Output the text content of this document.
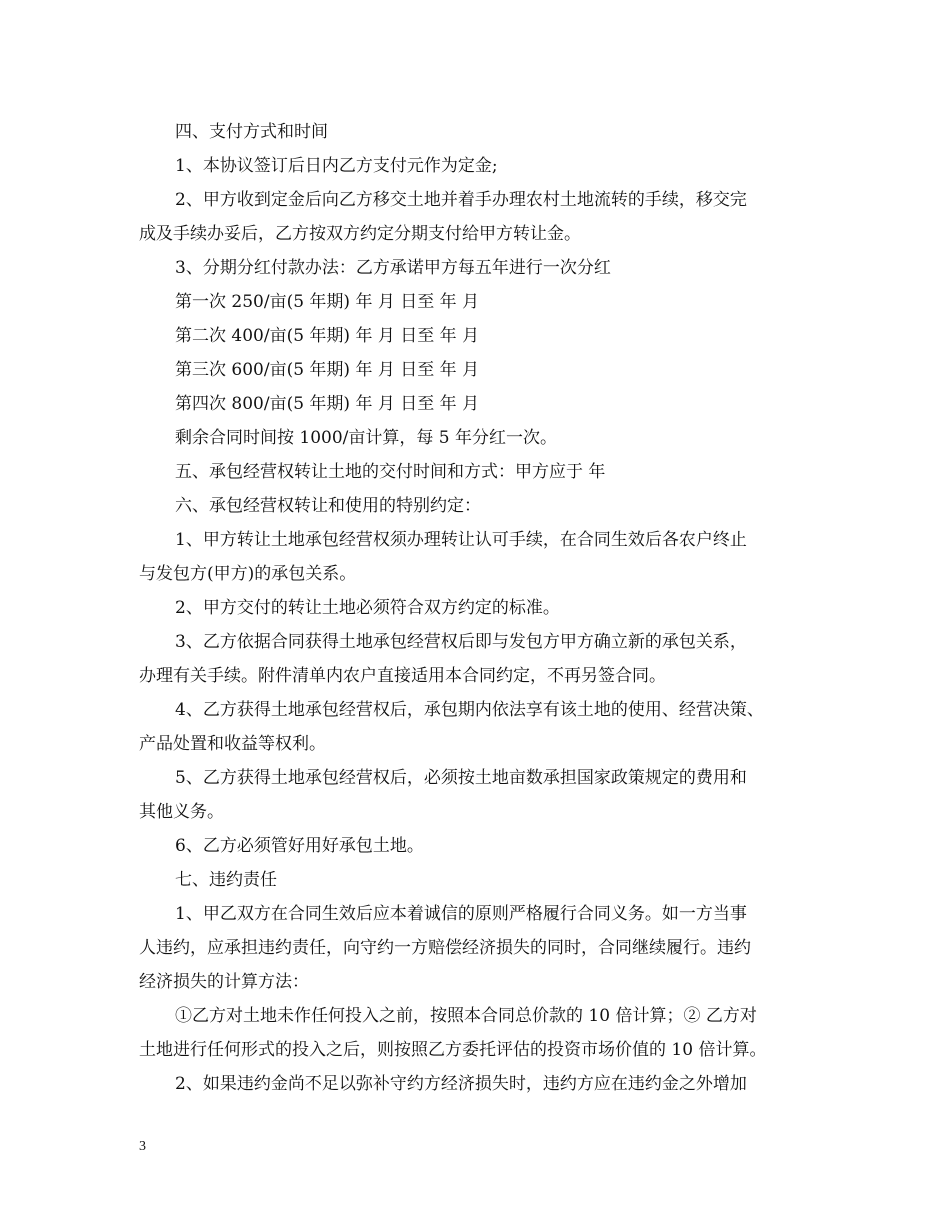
四、支付方式和时间

1、本协议签订后日内乙方支付元作为定金;

2、甲方收到定金后向乙方移交土地并着手办理农村土地流转的手续，移交完

成及手续办妥后，乙方按双方约定分期支付给甲方转让金。

3、分期分红付款办法：乙方承诺甲方每五年进行一次分红

第一次 250/亩(5 年期) 年 月 日至 年 月

第二次 400/亩(5 年期) 年 月 日至 年 月

第三次 600/亩(5 年期) 年 月 日至 年 月

第四次 800/亩(5 年期) 年 月 日至 年 月

剩余合同时间按 1000/亩计算，每 5 年分红一次。

五、承包经营权转让土地的交付时间和方式：甲方应于 年

六、承包经营权转让和使用的特别约定：

1、甲方转让土地承包经营权须办理转让认可手续，在合同生效后各农户终止

与发包方(甲方)的承包关系。

2、甲方交付的转让土地必须符合双方约定的标准。

3、乙方依据合同获得土地承包经营权后即与发包方甲方确立新的承包关系，

办理有关手续。附件清单内农户直接适用本合同约定，不再另签合同。

4、乙方获得土地承包经营权后，承包期内依法享有该土地的使用、经营决策、

产品处置和收益等权利。

5、乙方获得土地承包经营权后，必须按土地亩数承担国家政策规定的费用和

其他义务。

6、乙方必须管好用好承包土地。

七、违约责任

1、甲乙双方在合同生效后应本着诚信的原则严格履行合同义务。如一方当事

人违约，应承担违约责任，向守约一方赔偿经济损失的同时，合同继续履行。违约

经济损失的计算方法：

①乙方对土地未作任何投入之前，按照本合同总价款的 10 倍计算；② 乙方对

土地进行任何形式的投入之后，则按照乙方委托评估的投资市场价值的 10 倍计算。

2、如果违约金尚不足以弥补守约方经济损失时，违约方应在违约金之外增加

3
